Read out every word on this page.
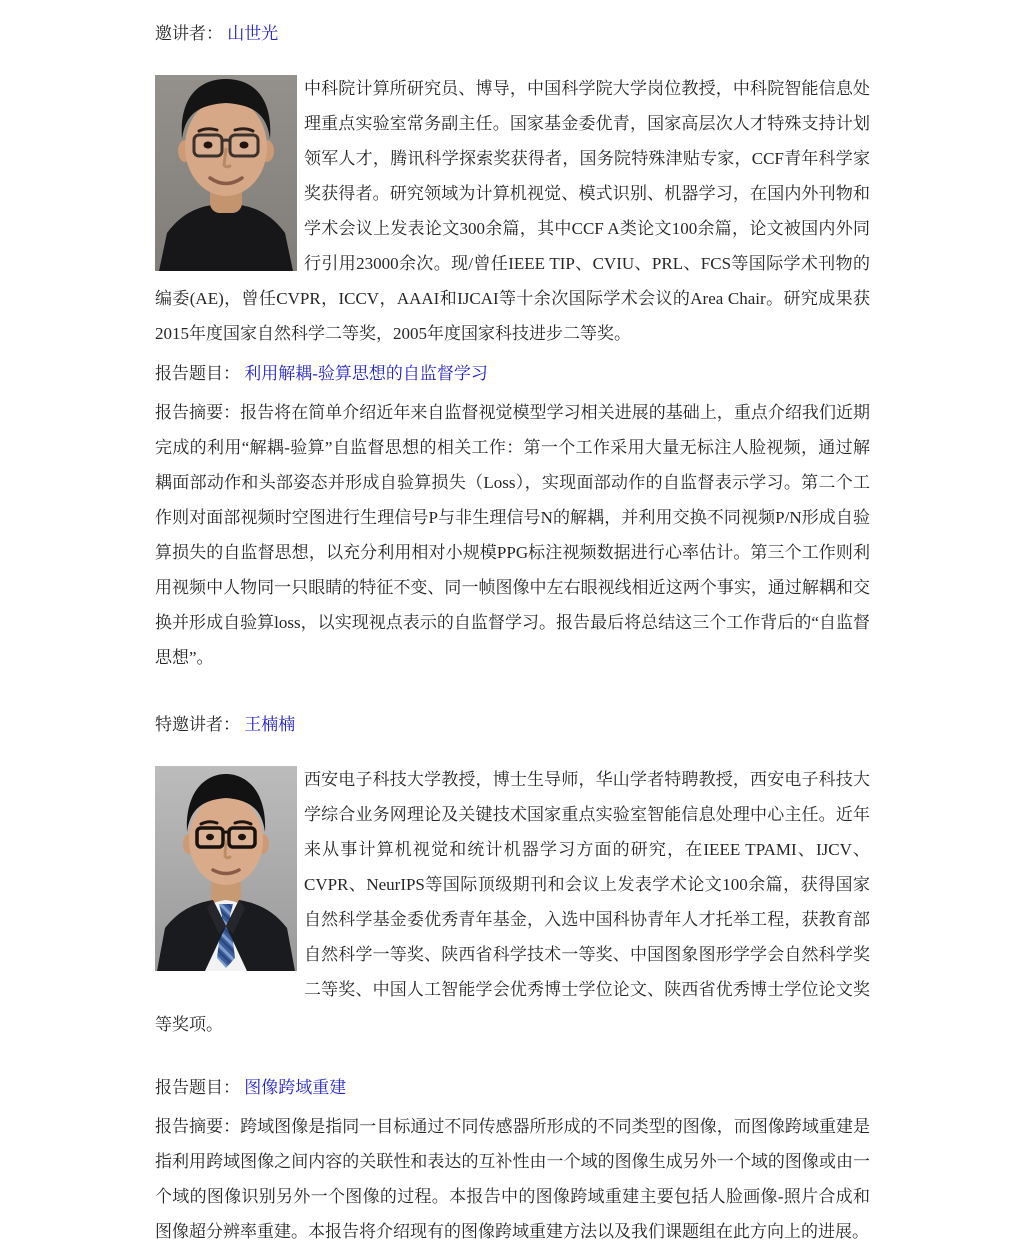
邀讲者： 山世光

中科院计算所研究员、博导，中国科学院大学岗位教授，中科院智能信息处理重点实验室常务副主任。国家基金委优青，国家高层次人才特殊支持计划领军人才，腾讯科学探索奖获得者，国务院特殊津贴专家，CCF青年科学家奖获得者。研究领域为计算机视觉、模式识别、机器学习，在国内外刊物和学术会议上发表论文300余篇，其中CCF A类论文100余篇，论文被国内外同行引用23000余次。现/曾任IEEE TIP、CVIU、PRL、FCS等国际学术刊物的编委(AE)，曾任CVPR，ICCV，AAAI和IJCAI等十余次国际学术会议的Area Chair。研究成果获2015年度国家自然科学二等奖，2005年度国家科技进步二等奖。

报告题目： 利用解耦-验算思想的自监督学习

报告摘要：报告将在简单介绍近年来自监督视觉模型学习相关进展的基础上，重点介绍我们近期完成的利用“解耦-验算”自监督思想的相关工作：第一个工作采用大量无标注人脸视频，通过解耦面部动作和头部姿态并形成自验算损失（Loss），实现面部动作的自监督表示学习。第二个工作则对面部视频时空图进行生理信号P与非生理信号N的解耦，并利用交换不同视频P/N形成自验算损失的自监督思想，以充分利用相对小规模PPG标注视频数据进行心率估计。第三个工作则利用视频中人物同一只眼睛的特征不变、同一帧图像中左右眼视线相近这两个事实，通过解耦和交换并形成自验算loss，以实现视点表示的自监督学习。报告最后将总结这三个工作背后的“自监督思想”。

特邀讲者： 王楠楠

西安电子科技大学教授，博士生导师，华山学者特聘教授，西安电子科技大学综合业务网理论及关键技术国家重点实验室智能信息处理中心主任。近年来从事计算机视觉和统计机器学习方面的研究，在IEEE TPAMI、IJCV、CVPR、NeurIPS等国际顶级期刊和会议上发表学术论文100余篇，获得国家自然科学基金委优秀青年基金，入选中国科协青年人才托举工程，获教育部自然科学一等奖、陕西省科学技术一等奖、中国图象图形学学会自然科学奖二等奖、中国人工智能学会优秀博士学位论文、陕西省优秀博士学位论文奖等奖项。

报告题目： 图像跨域重建

报告摘要：跨域图像是指同一目标通过不同传感器所形成的不同类型的图像，而图像跨域重建是指利用跨域图像之间内容的关联性和表达的互补性由一个域的图像生成另外一个域的图像或由一个域的图像识别另外一个图像的过程。本报告中的图像跨域重建主要包括人脸画像-照片合成和图像超分辨率重建。本报告将介绍现有的图像跨域重建方法以及我们课题组在此方向上的进展。
